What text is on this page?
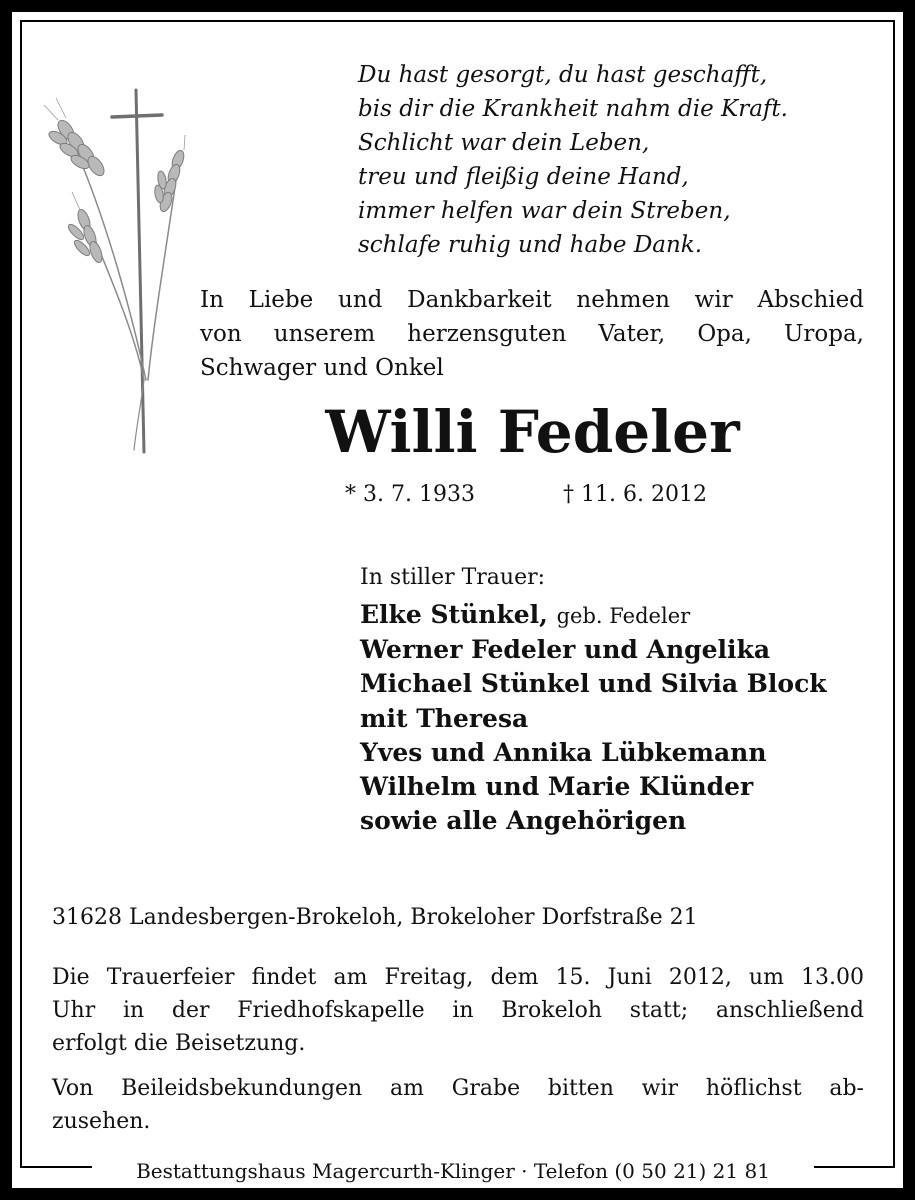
Du hast gesorgt, du hast geschafft,
bis dir die Krankheit nahm die Kraft.
Schlicht war dein Leben,
treu und fleißig deine Hand,
immer helfen war dein Streben,
schlafe ruhig und habe Dank.
In Liebe und Dankbarkeit nehmen wir Abschied
von unserem herzensguten Vater, Opa, Uropa,
Schwager und Onkel
Willi Fedeler
* 3. 7. 1933	† 11. 6. 2012
In stiller Trauer:
Elke Stünkel, geb. Fedeler
Werner Fedeler und Angelika
Michael Stünkel und Silvia Block
mit Theresa
Yves und Annika Lübkemann
Wilhelm und Marie Klünder
sowie alle Angehörigen
31628 Landesbergen-Brokeloh, Brokeloher Dorfstraße 21
Die Trauerfeier findet am Freitag, dem 15. Juni 2012, um 13.00
Uhr in der Friedhofskapelle in Brokeloh statt; anschließend
erfolgt die Beisetzung.
Von Beileidsbekundungen am Grabe bitten wir höflichst ab-
zusehen.
Bestattungshaus Magercurth-Klinger · Telefon (0 50 21) 21 81
